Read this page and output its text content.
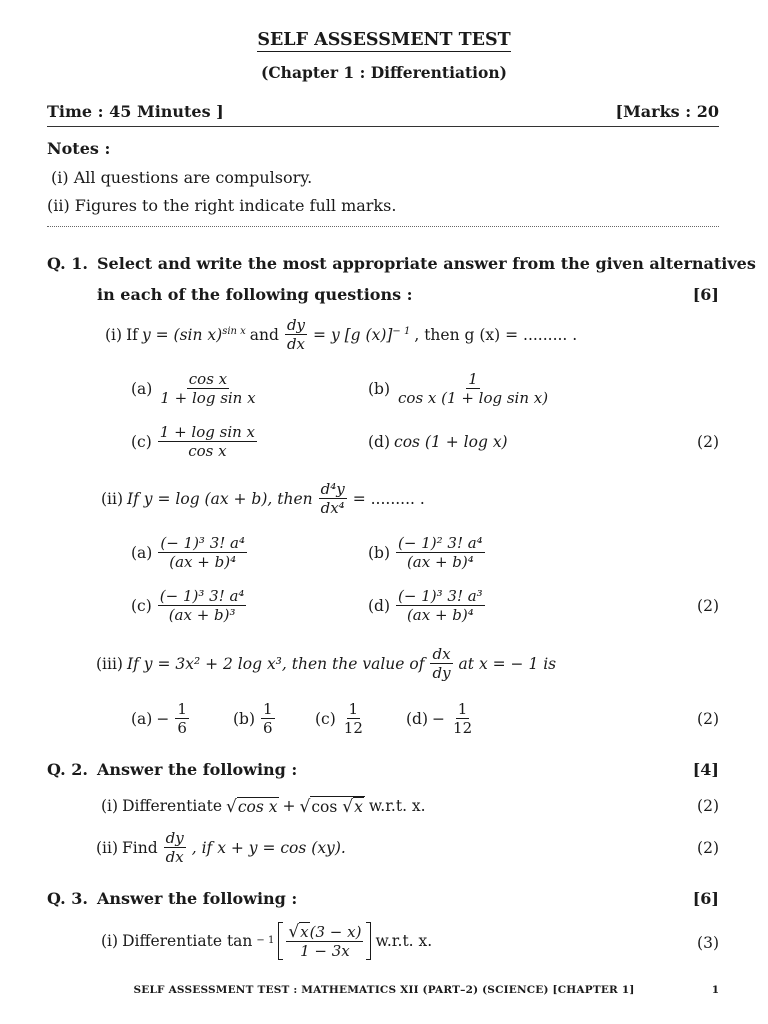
SELF ASSESSMENT TEST
(Chapter 1 : Differentiation)
Time : 45 Minutes ]	[Marks : 20
Notes :
(i) All questions are compulsory.
(ii) Figures to the right indicate full marks.
Q. 1. Select and write the most appropriate answer from the given alternatives
in each of the following questions :	[6]
(i) If y = (sin x)$^{sin x}$ and $\frac{dy}{dx} = y$ [g (x)]$^{- 1}$ , then g (x) = ......... .
$(a) \frac{\text{cos x}}{\text{1 + log sin x}}$	$(b) \frac{1}{\text{cos x (1 + log sin x)}}$
$(c) \frac{\text{1 + log sin x}}{\text{cos x}}$	(d) cos (1 + log x)	(2)
(ii) If y = log (ax + b), then $\frac{\text{d⁴y}}{\text{dx⁴}}$ = ......... .
$(a) \frac{\text{(− 1)³ 3! a⁴}}{\text{(ax + b)⁴}}$	$(b) \frac{\text{(− 1)² 3! a⁴}}{\text{(ax + b)⁴}}$
$(c) \frac{\text{(− 1)³ 3! a⁴}}{\text{(ax + b)³}}$	$(d) \frac{\text{(− 1)³ 3! a³}}{\text{(ax + b)⁴}}$	(2)
(iii) If y = 3x² + 2 log x³, then the value of $\frac{dx}{dy}$ at x = − 1 is
$(a) - \frac{1}{6}$	$(b) \frac{1}{6}$	$(c) \frac{1}{12}$	$(d) - \frac{1}{12}$	(2)
Q. 2. Answer the following :	[4]
(i) Differentiate √ cos x + √ cos √ x w.r.t. x.	(2)
(ii) Find $\frac{dy}{dx}$ , if x + y = cos (xy).	(2)
Q. 3. Answer the following :	[6]
(i) Differentiate $\tan - 1 \frac{√ x (3 - x)}{1 - 3x} w.r.t$. x.	(3)
SELF ASSESSMENT TEST : MATHEMATICS XII (PART–2) (SCIENCE) [CHAPTER 1]	1
